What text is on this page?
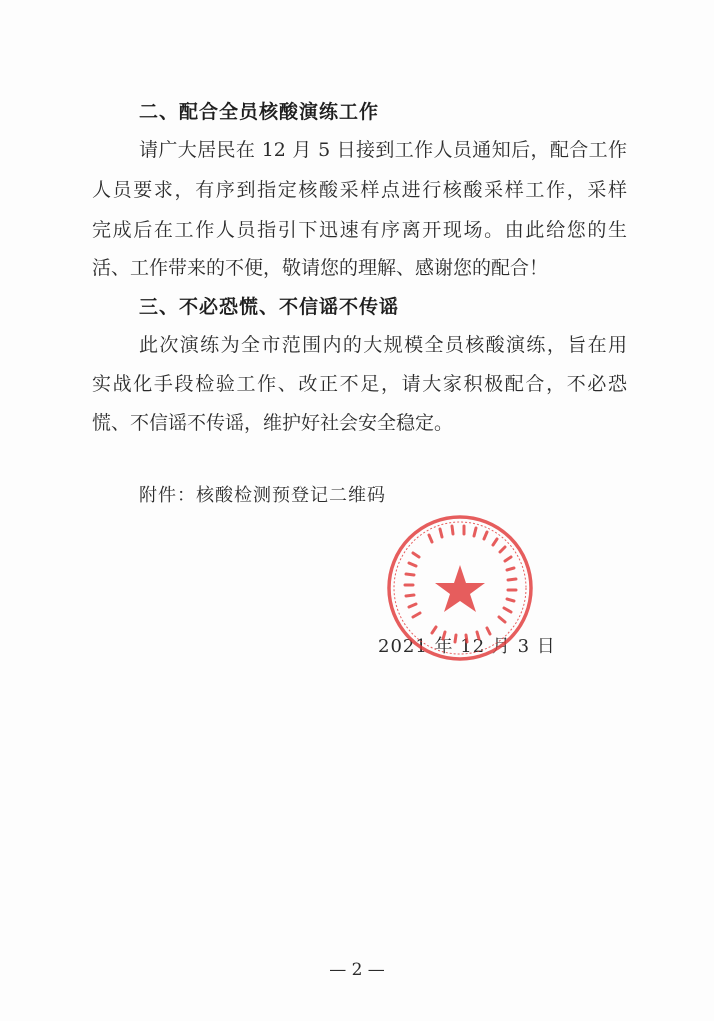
二、配合全员核酸演练工作
请广大居民在 12 月 5 日接到工作人员通知后，配合工作
人员要求，有序到指定核酸采样点进行核酸采样工作，采样
完成后在工作人员指引下迅速有序离开现场。由此给您的生
活、工作带来的不便，敬请您的理解、感谢您的配合！
三、不必恐慌、不信谣不传谣
此次演练为全市范围内的大规模全员核酸演练，旨在用
实战化手段检验工作、改正不足，请大家积极配合，不必恐
慌、不信谣不传谣，维护好社会安全稳定。
附件：核酸检测预登记二维码
2021 年 12 月 3 日
— 2 —
